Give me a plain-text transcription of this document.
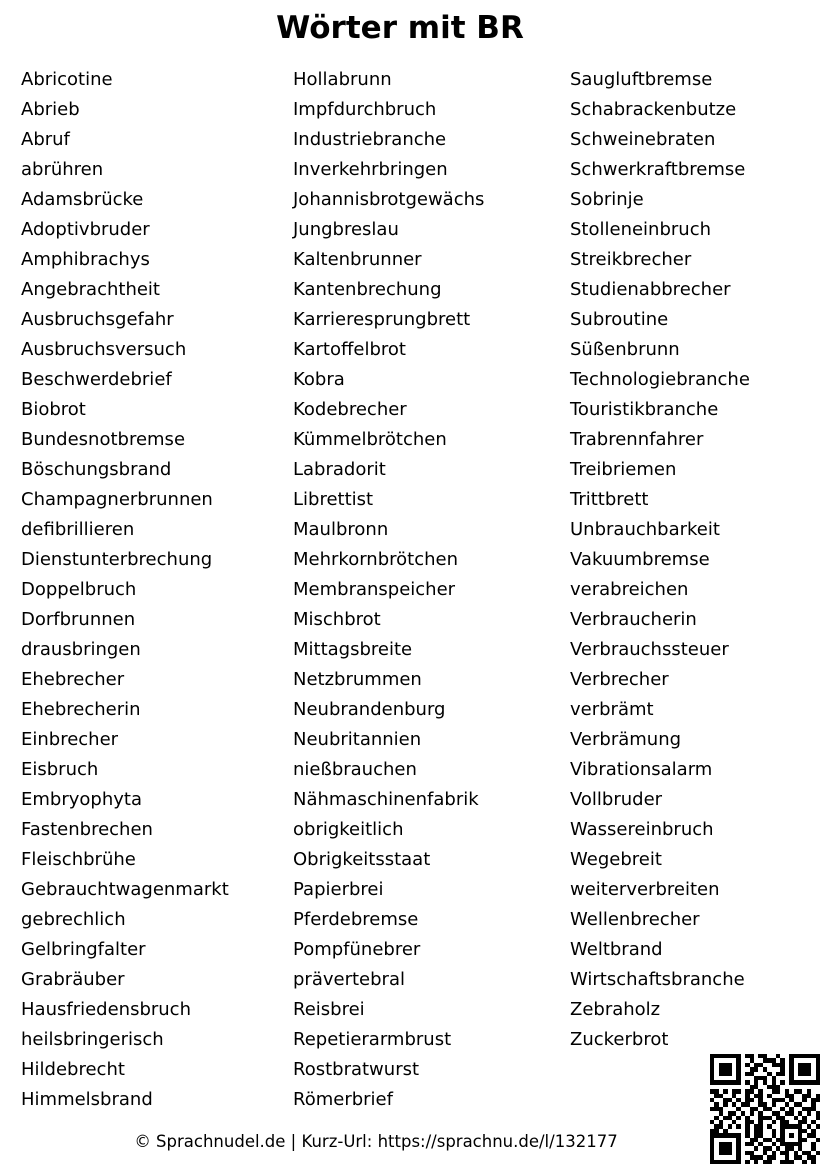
Wörter mit BR
Abricotine
Abrieb
Abruf
abrühren
Adamsbrücke
Adoptivbruder
Amphibrachys
Angebrachtheit
Ausbruchsgefahr
Ausbruchsversuch
Beschwerdebrief
Biobrot
Bundesnotbremse
Böschungsbrand
Champagnerbrunnen
defibrillieren
Dienstunterbrechung
Doppelbruch
Dorfbrunnen
drausbringen
Ehebrecher
Ehebrecherin
Einbrecher
Eisbruch
Embryophyta
Fastenbrechen
Fleischbrühe
Gebrauchtwagenmarkt
gebrechlich
Gelbringfalter
Grabräuber
Hausfriedensbruch
heilsbringerisch
Hildebrecht
Himmelsbrand
Hollabrunn
Impfdurchbruch
Industriebranche
Inverkehrbringen
Johannisbrotgewächs
Jungbreslau
Kaltenbrunner
Kantenbrechung
Karrieresprungbrett
Kartoffelbrot
Kobra
Kodebrecher
Kümmelbrötchen
Labradorit
Librettist
Maulbronn
Mehrkornbrötchen
Membranspeicher
Mischbrot
Mittagsbreite
Netzbrummen
Neubrandenburg
Neubritannien
nießbrauchen
Nähmaschinenfabrik
obrigkeitlich
Obrigkeitsstaat
Papierbrei
Pferdebremse
Pompfünebrer
prävertebral
Reisbrei
Repetierarmbrust
Rostbratwurst
Römerbrief
Saugluftbremse
Schabrackenbutze
Schweinebraten
Schwerkraftbremse
Sobrinje
Stolleneinbruch
Streikbrecher
Studienabbrecher
Subroutine
Süßenbrunn
Technologiebranche
Touristikbranche
Trabrennfahrer
Treibriemen
Trittbrett
Unbrauchbarkeit
Vakuumbremse
verabreichen
Verbraucherin
Verbrauchssteuer
Verbrecher
verbrämt
Verbrämung
Vibrationsalarm
Vollbruder
Wassereinbruch
Wegebreit
weiterverbreiten
Wellenbrecher
Weltbrand
Wirtschaftsbranche
Zebraholz
Zuckerbrot
© Sprachnudel.de | Kurz-Url: https://sprachnu.de/l/132177
